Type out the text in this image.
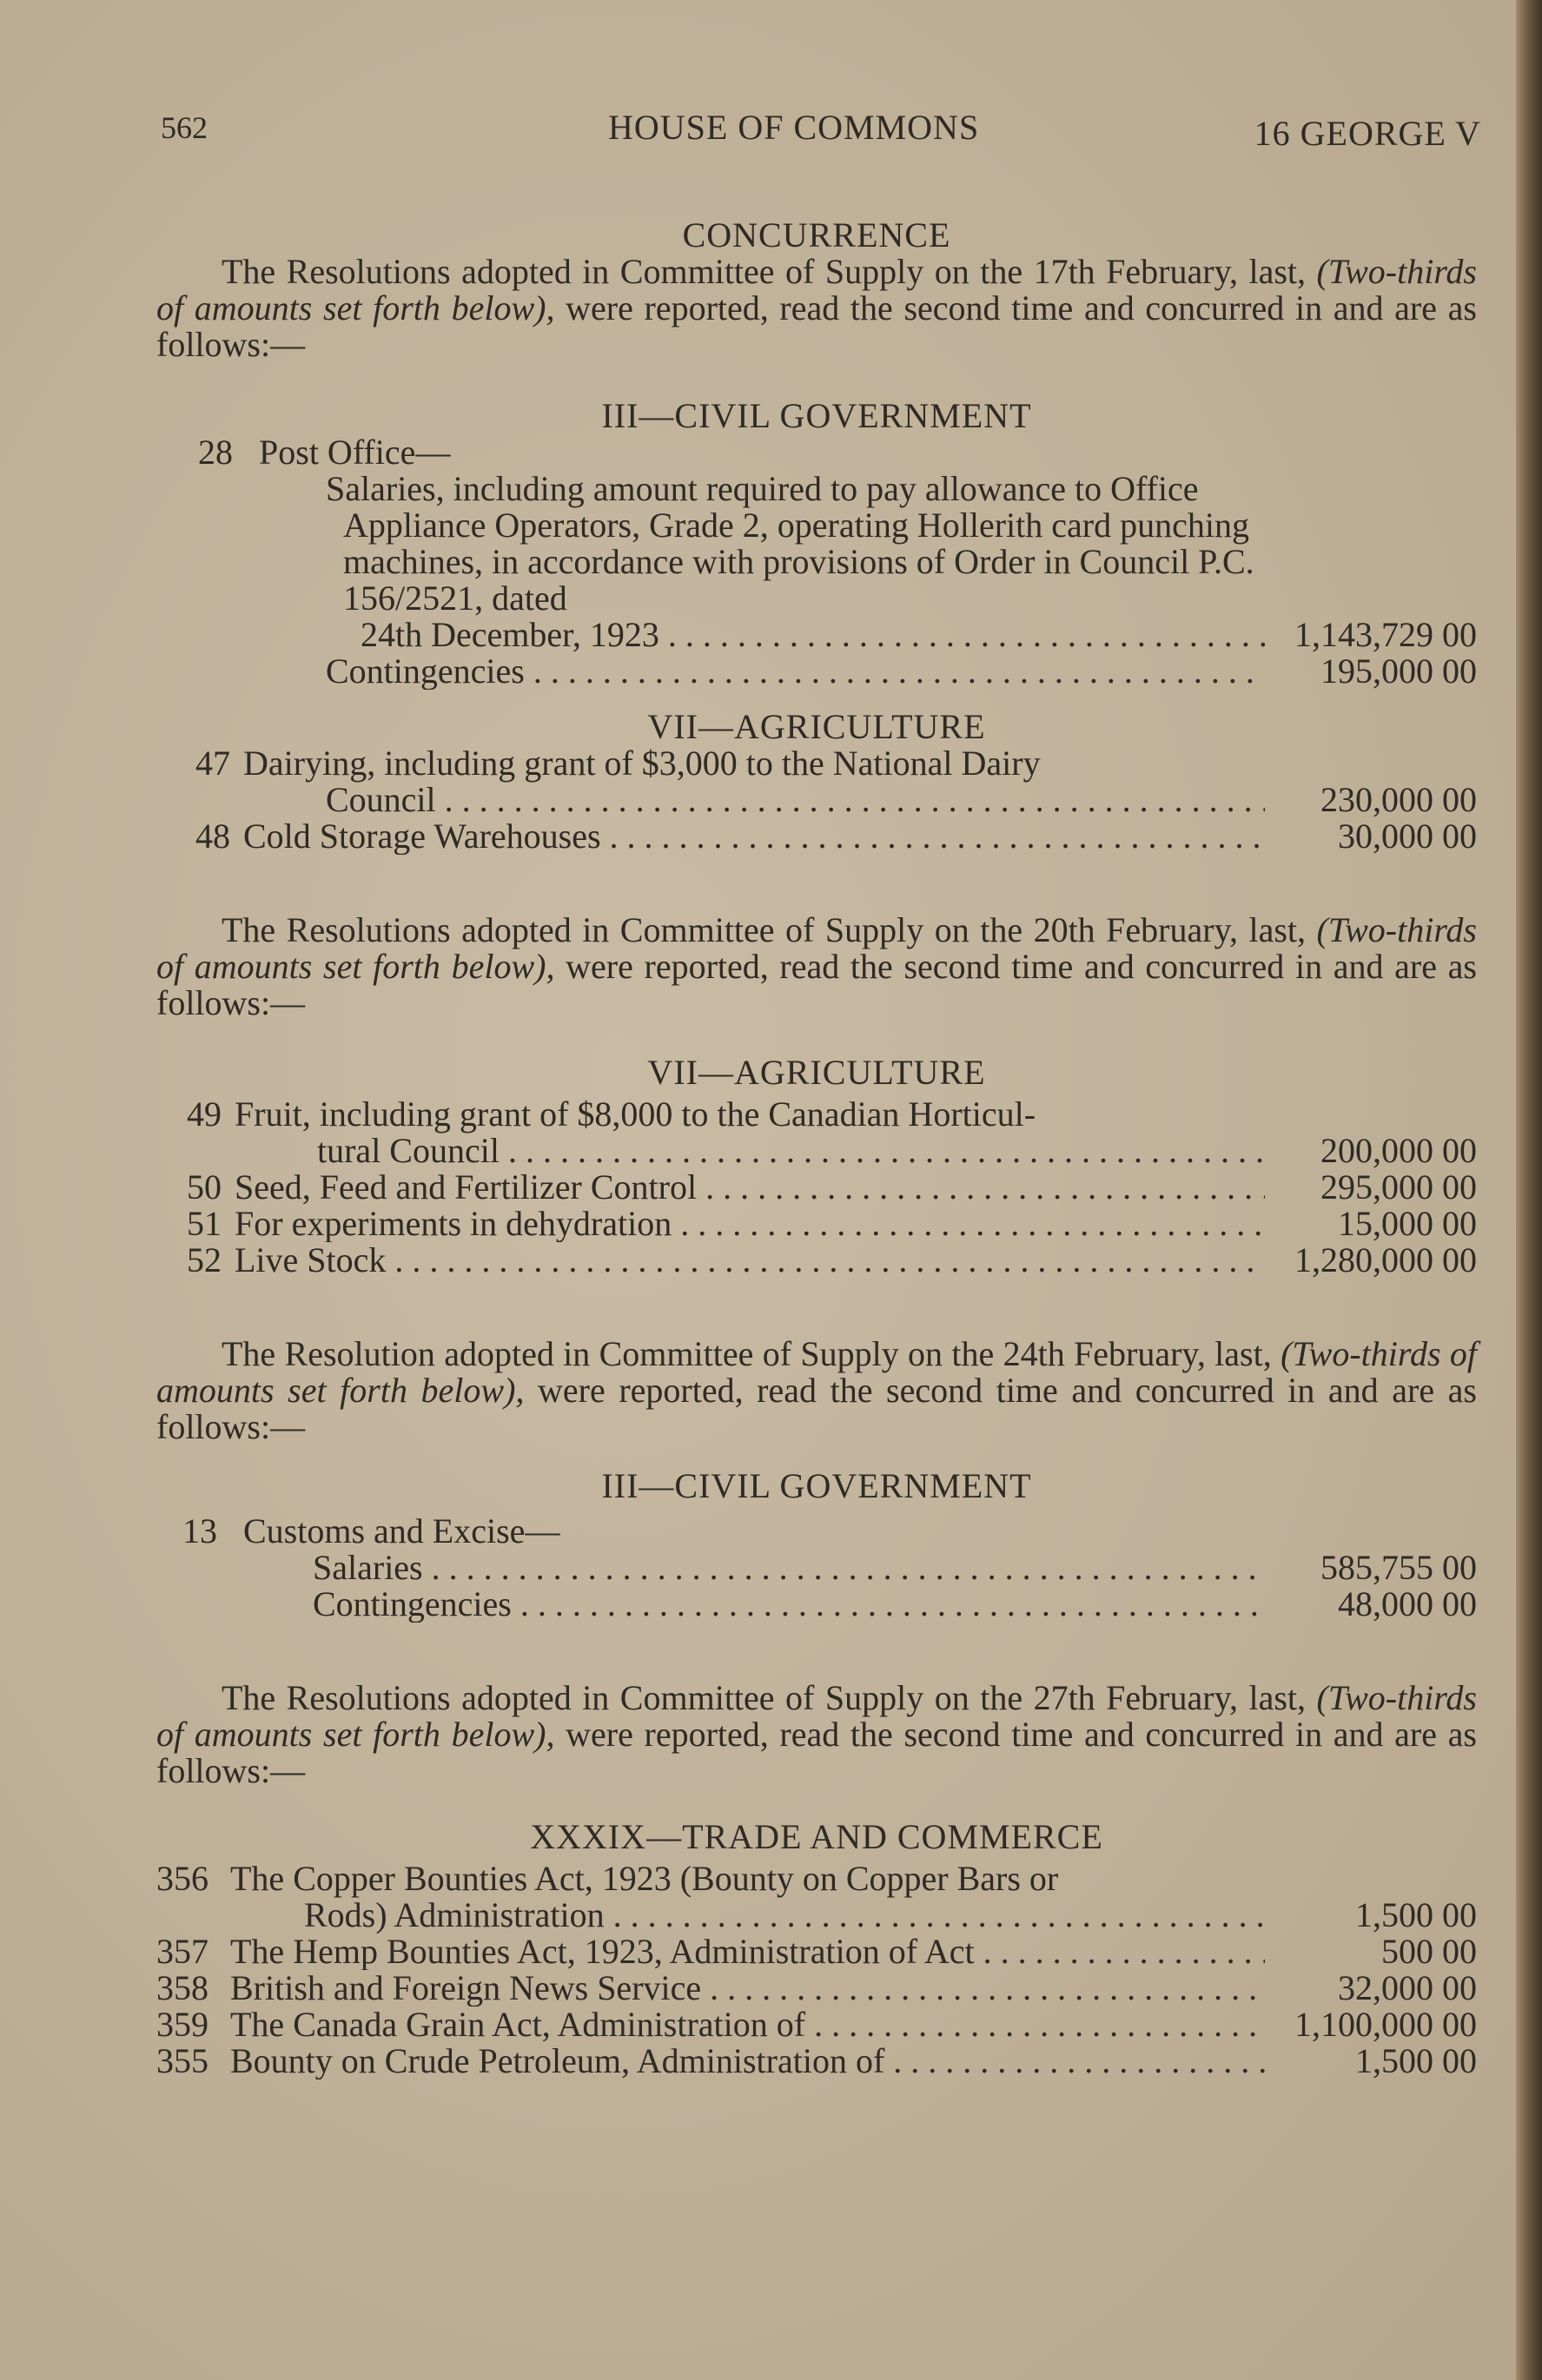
562	HOUSE OF COMMONS	16 GEORGE V

CONCURRENCE

The Resolutions adopted in Committee of Supply on the 17th February, last, (Two-thirds of amounts set forth below), were reported, read the second time and concurred in and are as follows:—

III—CIVIL GOVERNMENT

28 Post Office—
Salaries, including amount required to pay allowance to Office Appliance Operators, Grade 2, operating Hollerith card punching machines, in accordance with provisions of Order in Council P.C. 156/2521, dated
24th December, 1923 . . .	1,143,729 00
Contingencies . . .	195,000 00

VII—AGRICULTURE

47 Dairying, including grant of $3,000 to the National Dairy
Council . . .	230,000 00
48 Cold Storage Warehouses . . .	30,000 00

The Resolutions adopted in Committee of Supply on the 20th February, last, (Two-thirds of amounts set forth below), were reported, read the second time and concurred in and are as follows:—

VII—AGRICULTURE

49 Fruit, including grant of $8,000 to the Canadian Horticul-
tural Council . . .	200,000 00
50 Seed, Feed and Fertilizer Control . . .	295,000 00
51 For experiments in dehydration . . .	15,000 00
52 Live Stock . . .	1,280,000 00

The Resolution adopted in Committee of Supply on the 24th February, last, (Two-thirds of amounts set forth below), were reported, read the second time and concurred in and are as follows:—

III—CIVIL GOVERNMENT

13 Customs and Excise—
Salaries . . .	585,755 00
Contingencies . . .	48,000 00

The Resolutions adopted in Committee of Supply on the 27th February, last, (Two-thirds of amounts set forth below), were reported, read the second time and concurred in and are as follows:—

XXXIX—TRADE AND COMMERCE

356 The Copper Bounties Act, 1923 (Bounty on Copper Bars or
Rods) Administration . . .	1,500 00
357 The Hemp Bounties Act, 1923, Administration of Act . . .	500 00
358 British and Foreign News Service . . .	32,000 00
359 The Canada Grain Act, Administration of . . .	1,100,000 00
355 Bounty on Crude Petroleum, Administration of . . .	1,500 00
